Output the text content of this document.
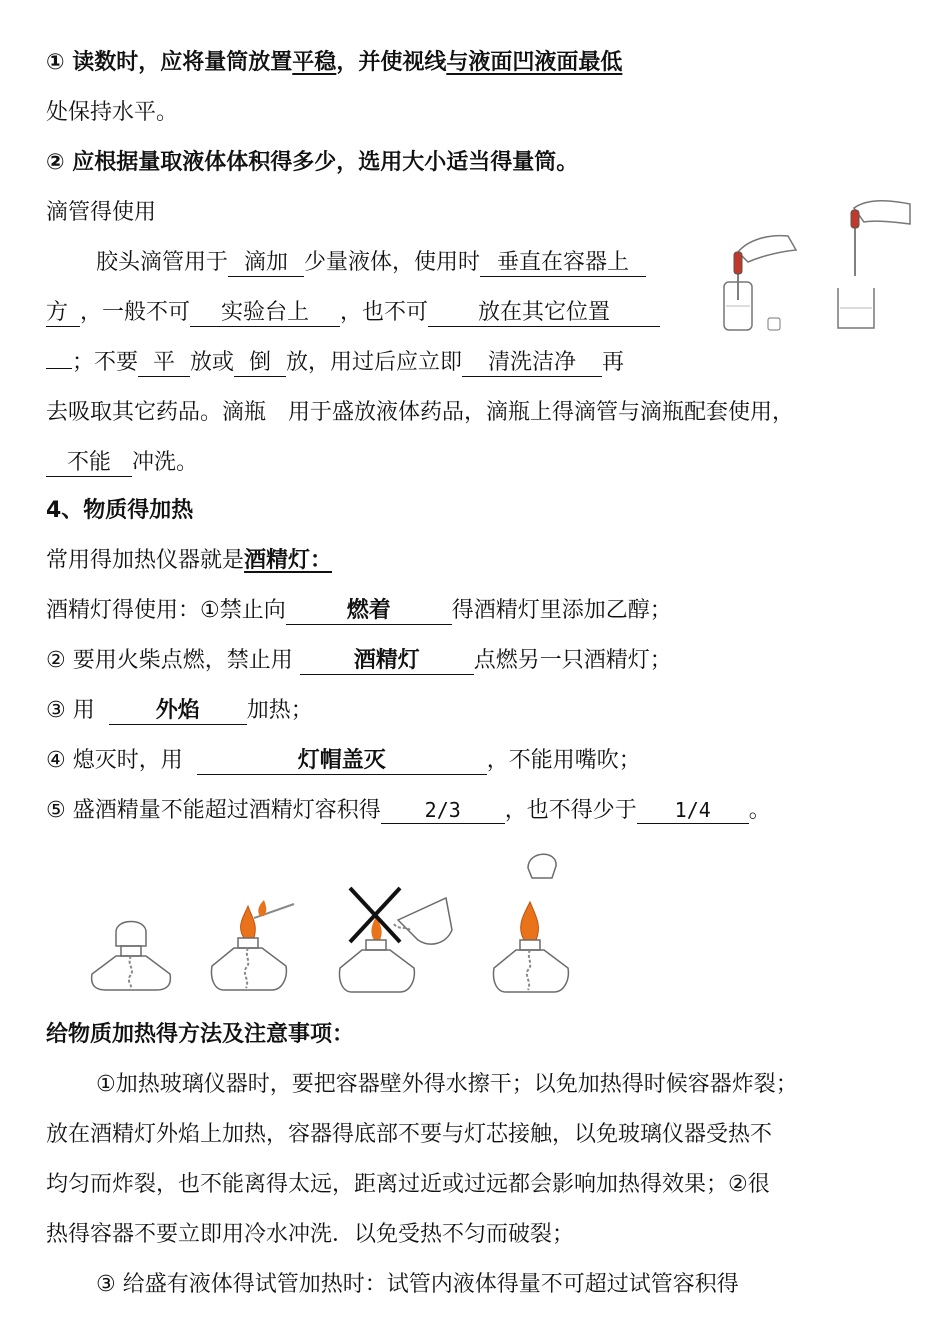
① 读数时，应将量筒放置平稳，并使视线与液面凹液面最低
处保持水平。
② 应根据量取液体体积得多少，选用大小适当得量筒。
滴管得使用
胶头滴管用于 滴加 少量液体，使用时 垂直在容器上
方 ，一般不可 实验台上 ，也不可 放在其它位置
；不要 平 放或 倒 放，用过后应立即 清洗洁净 再
去吸取其它药品。滴瓶　用于盛放液体药品，滴瓶上得滴管与滴瓶配套使用，
不能 冲洗。
4、物质得加热
常用得加热仪器就是酒精灯：
酒精灯得使用：①禁止向	燃着	得酒精灯里添加乙醇；
② 要用火柴点燃，禁止用	酒精灯 点燃另一只酒精灯；
③ 用	外焰 加热；
④ 熄灭时，用	灯帽盖灭	，不能用嘴吹；
⑤ 盛酒精量不能超过酒精灯容积得 2/3 ，也不得少于 1/4 。
给物质加热得方法及注意事项：
①加热玻璃仪器时，要把容器壁外得水擦干；以免加热得时候容器炸裂；
放在酒精灯外焰上加热，容器得底部不要与灯芯接触，以免玻璃仪器受热不
均匀而炸裂，也不能离得太远，距离过近或过远都会影响加热得效果；②很
热得容器不要立即用冷水冲洗．以免受热不匀而破裂；
③ 给盛有液体得试管加热时：试管内液体得量不可超过试管容积得
